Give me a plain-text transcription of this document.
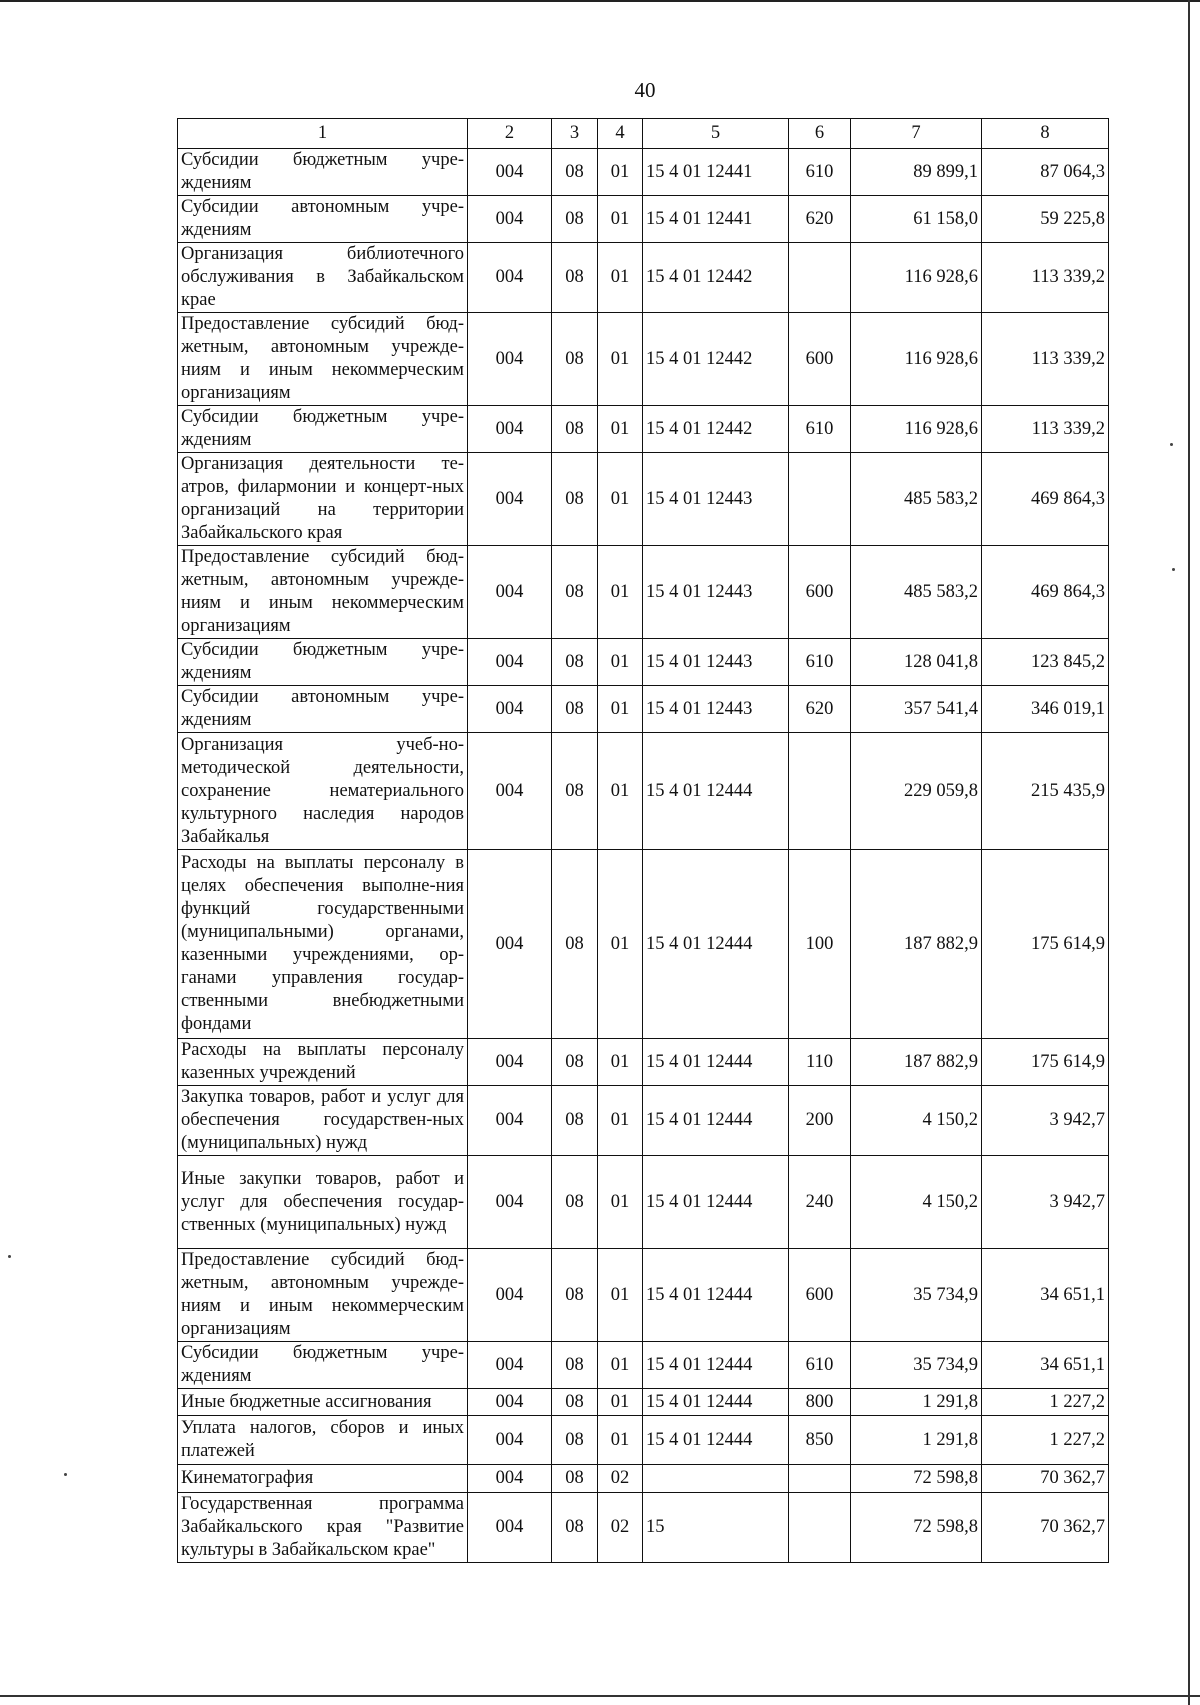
40
1	2	3	4	5	6	7	8
Субсидии бюджетным учре-ждениям	004	08	01	15 4 01 12441	610	89 899,1	87 064,3
Субсидии автономным учре-ждениям	004	08	01	15 4 01 12441	620	61 158,0	59 225,8
Организация библиотечного обслуживания в Забайкальском крае	004	08	01	15 4 01 12442		116 928,6	113 339,2
Предоставление субсидий бюд-жетным, автономным учрежде-ниям и иным некоммерческим организациям	004	08	01	15 4 01 12442	600	116 928,6	113 339,2
Субсидии бюджетным учре-ждениям	004	08	01	15 4 01 12442	610	116 928,6	113 339,2
Организация деятельности те-атров, филармонии и концерт-ных организаций на территории Забайкальского края	004	08	01	15 4 01 12443		485 583,2	469 864,3
Предоставление субсидий бюд-жетным, автономным учрежде-ниям и иным некоммерческим организациям	004	08	01	15 4 01 12443	600	485 583,2	469 864,3
Субсидии бюджетным учре-ждениям	004	08	01	15 4 01 12443	610	128 041,8	123 845,2
Субсидии автономным учре-ждениям	004	08	01	15 4 01 12443	620	357 541,4	346 019,1
Организация учеб-но-методической деятельности, сохранение нематериального культурного наследия народов Забайкалья	004	08	01	15 4 01 12444		229 059,8	215 435,9
Расходы на выплаты персоналу в целях обеспечения выполне-ния функций государственными (муниципальными) органами, казенными учреждениями, ор-ганами управления государ-ственными внебюджетными фондами	004	08	01	15 4 01 12444	100	187 882,9	175 614,9
Расходы на выплаты персоналу казенных учреждений	004	08	01	15 4 01 12444	110	187 882,9	175 614,9
Закупка товаров, работ и услуг для обеспечения государствен-ных (муниципальных) нужд	004	08	01	15 4 01 12444	200	4 150,2	3 942,7
Иные закупки товаров, работ и услуг для обеспечения государ-ственных (муниципальных) нужд	004	08	01	15 4 01 12444	240	4 150,2	3 942,7
Предоставление субсидий бюд-жетным, автономным учрежде-ниям и иным некоммерческим организациям	004	08	01	15 4 01 12444	600	35 734,9	34 651,1
Субсидии бюджетным учре-ждениям	004	08	01	15 4 01 12444	610	35 734,9	34 651,1
Иные бюджетные ассигнования	004	08	01	15 4 01 12444	800	1 291,8	1 227,2
Уплата налогов, сборов и иных платежей	004	08	01	15 4 01 12444	850	1 291,8	1 227,2
Кинематография	004	08	02			72 598,8	70 362,7
Государственная программа Забайкальского края "Развитие культуры в Забайкальском крае"	004	08	02	15		72 598,8	70 362,7
